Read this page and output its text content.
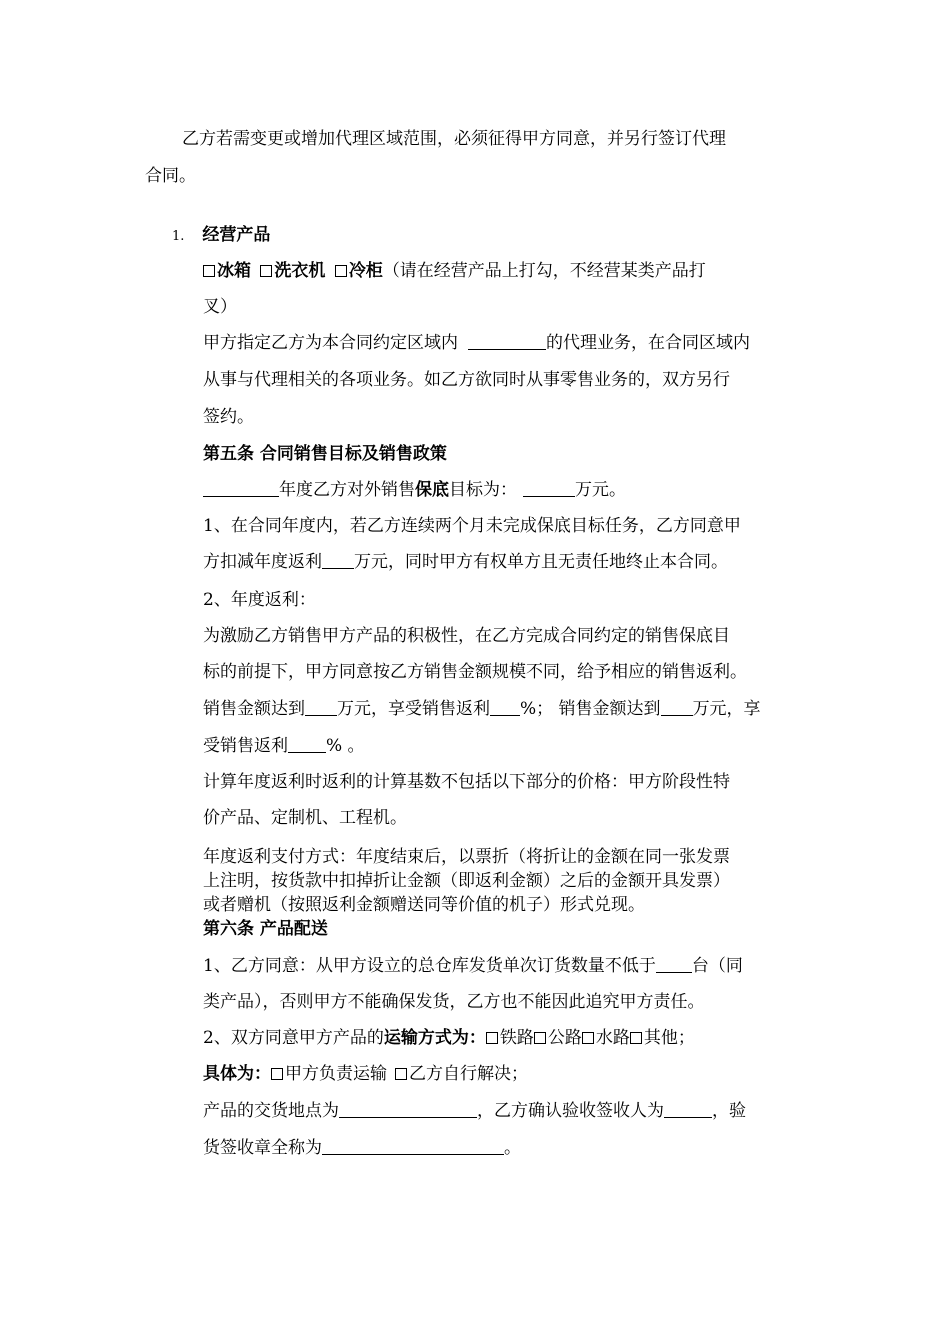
乙方若需变更或增加代理区域范围，必须征得甲方同意，并另行签订代理
合同。
1. 经营产品
冰箱 洗衣机 冷柜（请在经营产品上打勾，不经营某类产品打
叉）
甲方指定乙方为本合同约定区域内	的代理业务，在合同区域内
从事与代理相关的各项业务。如乙方欲同时从事零售业务的，双方另行
签约。
第五条 合同销售目标及销售政策
年度乙方对外销售保底目标为：	万元。
1、在合同年度内，若乙方连续两个月未完成保底目标任务，乙方同意甲
方扣减年度返利 万元，同时甲方有权单方且无责任地终止本合同。
2、年度返利：
为激励乙方销售甲方产品的积极性，在乙方完成合同约定的销售保底目
标的前提下，甲方同意按乙方销售金额规模不同，给予相应的销售返利。
销售金额达到 万元，享受销售返利 %； 销售金额达到 万元，享
受销售返利 % 。
计算年度返利时返利的计算基数不包括以下部分的价格：甲方阶段性特
价产品、定制机、工程机。
年度返利支付方式：年度结束后，以票折（将折让的金额在同一张发票
上注明，按货款中扣掉折让金额（即返利金额）之后的金额开具发票）
或者赠机（按照返利金额赠送同等价值的机子）形式兑现。
第六条 产品配送
1、乙方同意：从甲方设立的总仓库发货单次订货数量不低于 台（同
类产品），否则甲方不能确保发货，乙方也不能因此追究甲方责任。
2、双方同意甲方产品的运输方式为： 铁路 公路 水路 其他；
具体为： 甲方负责运输 乙方自行解决；
产品的交货地点为	，乙方确认验收签收人为	，验
货签收章全称为	。
